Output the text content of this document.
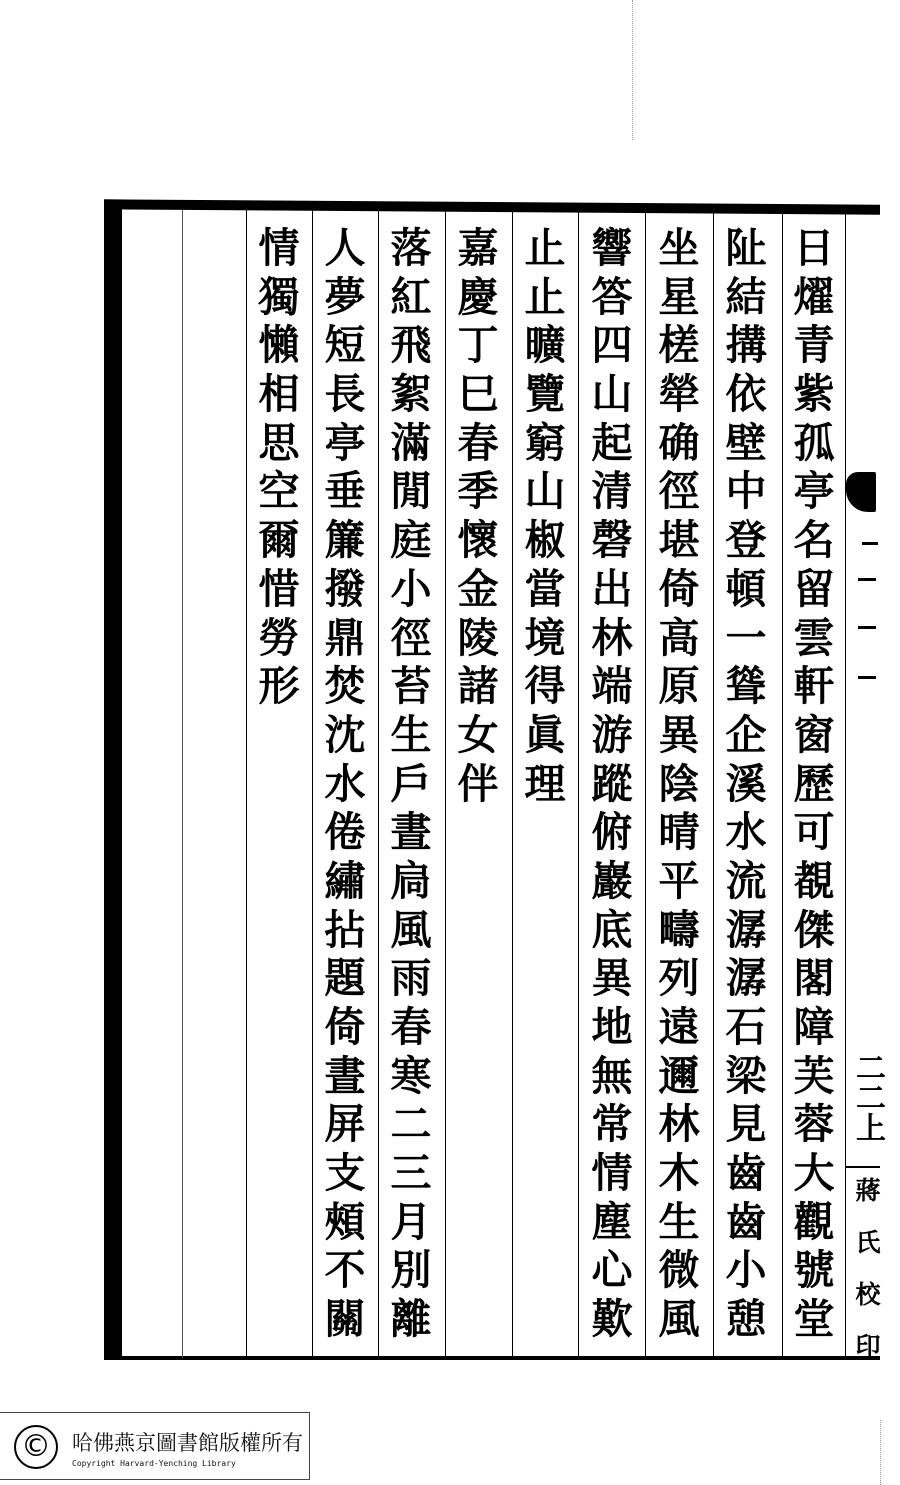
日
燿
青
紫
孤
亭
名
留
雲
軒
窗
歷
可
覩
傑
閣
障
芙
蓉
大
觀
號
堂
阯
結
搆
依
壁
中
登
頓
一
聳
企
溪
水
流
潺
潺
石
梁
見
齒
齒
小
憩
坐
星
槎
犖
确
徑
堪
倚
高
原
異
陰
晴
平
疇
列
遠
邇
林
木
生
微
風
響
答
四
山
起
清
磬
出
林
端
游
蹤
俯
巖
底
異
地
無
常
情
塵
心
歎
止
止
曠
覽
窮
山
椒
當
境
得
眞
理
嘉
慶
丁
巳
春
季
懷
金
陵
諸
女
伴
落
紅
飛
絮
滿
閒
庭
小
徑
苔
生
戶
晝
扃
風
雨
春
寒
二
三
月
別
離
人
夢
短
長
亭
垂
簾
撥
鼎
焚
沈
水
倦
繡
拈
題
倚
晝
屏
支
頰
不
關
情
獨
懶
相
思
空
爾
惜
勞
形
二二上
蔣
氏
校
印
©	哈佛燕京圖書館版權所有
Copyright Harvard-Yenching Library
